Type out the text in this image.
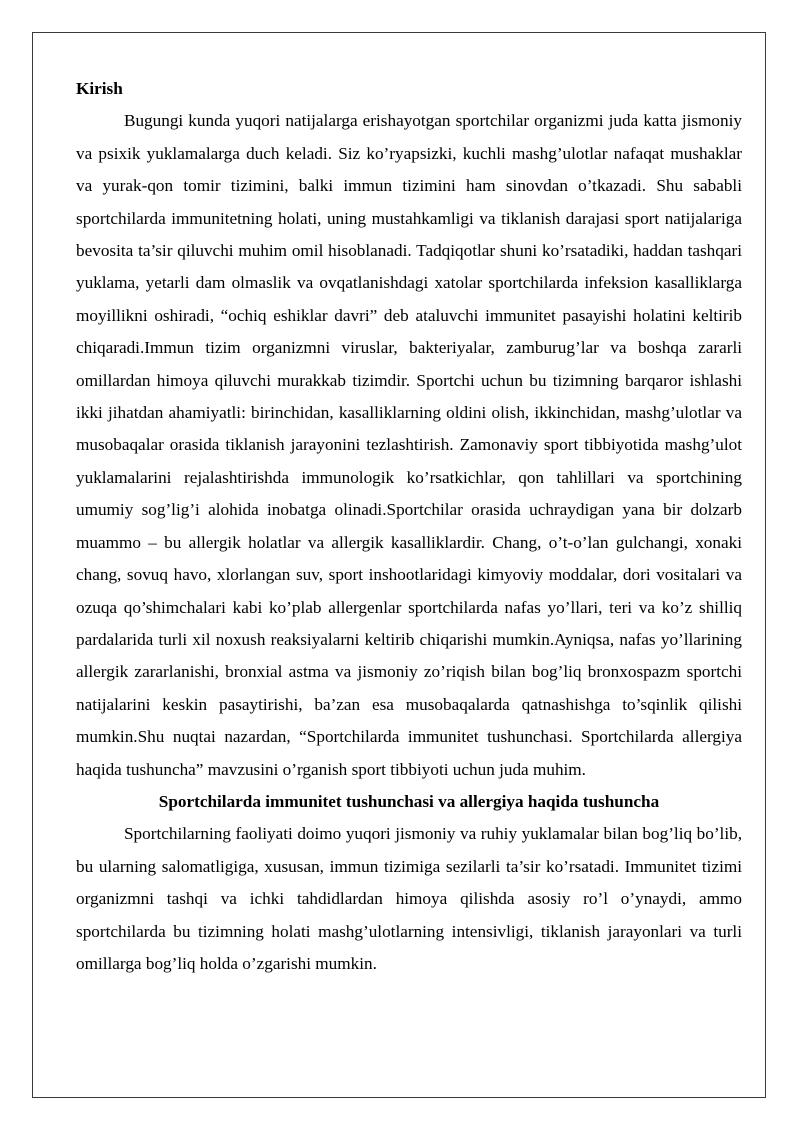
Kirish

Bugungi kunda yuqori natijalarga erishayotgan sportchilar organizmi juda katta jismoniy va psixik yuklamalarga duch keladi. Siz ko’ryapsizki, kuchli mashg’ulotlar nafaqat mushaklar va yurak-qon tomir tizimini, balki immun tizimini ham sinovdan o’tkazadi. Shu sababli sportchilarda immunitetning holati, uning mustahkamligi va tiklanish darajasi sport natijalariga bevosita ta’sir qiluvchi muhim omil hisoblanadi. Tadqiqotlar shuni ko’rsatadiki, haddan tashqari yuklama, yetarli dam olmaslik va ovqatlanishdagi xatolar sportchilarda infeksion kasalliklarga moyillikni oshiradi, “ochiq eshiklar davri” deb ataluvchi immunitet pasayishi holatini keltirib chiqaradi.Immun tizim organizmni viruslar, bakteriyalar, zamburug’lar va boshqa zararli omillardan himoya qiluvchi murakkab tizimdir. Sportchi uchun bu tizimning barqaror ishlashi ikki jihatdan ahamiyatli: birinchidan, kasalliklarning oldini olish, ikkinchidan, mashg’ulotlar va musobaqalar orasida tiklanish jarayonini tezlashtirish. Zamonaviy sport tibbiyotida mashg’ulot yuklamalarini rejalashtirishda immunologik ko’rsatkichlar, qon tahlillari va sportchining umumiy sog’lig’i alohida inobatga olinadi.Sportchilar orasida uchraydigan yana bir dolzarb muammo – bu allergik holatlar va allergik kasalliklardir. Chang, o’t-o’lan gulchangi, xonaki chang, sovuq havo, xlorlangan suv, sport inshootlaridagi kimyoviy moddalar, dori vositalari va ozuqa qo’shimchalari kabi ko’plab allergenlar sportchilarda nafas yo’llari, teri va ko’z shilliq pardalarida turli xil noxush reaksiyalarni keltirib chiqarishi mumkin.Ayniqsa, nafas yo’llarining allergik zararlanishi, bronxial astma va jismoniy zo’riqish bilan bog’liq bronxospazm sportchi natijalarini keskin pasaytirishi, ba’zan esa musobaqalarda qatnashishga to’sqinlik qilishi mumkin.Shu nuqtai nazardan, “Sportchilarda immunitet tushunchasi. Sportchilarda allergiya haqida tushuncha” mavzusini o’rganish sport tibbiyoti uchun juda muhim.

Sportchilarda immunitet tushunchasi va allergiya haqida tushuncha

Sportchilarning faoliyati doimo yuqori jismoniy va ruhiy yuklamalar bilan bog’liq bo’lib, bu ularning salomatligiga, xususan, immun tizimiga sezilarli ta’sir ko’rsatadi. Immunitet tizimi organizmni tashqi va ichki tahdidlardan himoya qilishda asosiy ro’l o’ynaydi, ammo sportchilarda bu tizimning holati mashg’ulotlarning intensivligi, tiklanish jarayonlari va turli omillarga bog’liq holda o’zgarishi mumkin.
